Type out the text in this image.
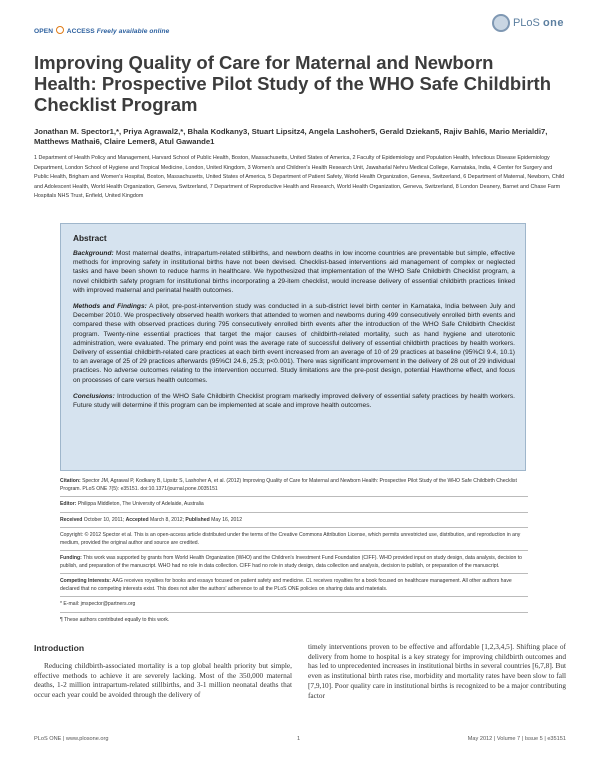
OPEN ACCESS Freely available online
PLoS one
Improving Quality of Care for Maternal and Newborn Health: Prospective Pilot Study of the WHO Safe Childbirth Checklist Program
Jonathan M. Spector1,*, Priya Agrawal2,*, Bhala Kodkany3, Stuart Lipsitz4, Angela Lashoher5, Gerald Dziekan5, Rajiv Bahl6, Mario Merialdi7, Matthews Mathai6, Claire Lemer8, Atul Gawande1
1 Department of Health Policy and Management, Harvard School of Public Health, Boston, Massachusetts, United States of America, 2 Faculty of Epidemiology and Population Health, Infectious Disease Epidemiology Department, London School of Hygiene and Tropical Medicine, London, United Kingdom, 3 Women's and Children's Health Research Unit, Jawaharlal Nehru Medical College, Karnataka, India, 4 Center for Surgery and Public Health, Brigham and Women's Hospital, Boston, Massachusetts, United States of America, 5 Department of Patient Safety, World Health Organization, Geneva, Switzerland, 6 Department of Maternal, Newborn, Child and Adolescent Health, World Health Organization, Geneva, Switzerland, 7 Department of Reproductive Health and Research, World Health Organization, Geneva, Switzerland, 8 London Deanery, Barnet and Chase Farm Hospitals NHS Trust, Enfield, United Kingdom
Abstract

Background: Most maternal deaths, intrapartum-related stillbirths, and newborn deaths in low income countries are preventable but simple, effective methods for improving safety in institutional births have not been devised. Checklist-based interventions aid management of complex or neglected tasks and have been shown to reduce harms in healthcare. We hypothesized that implementation of the WHO Safe Childbirth Checklist program, a novel childbirth safety program for institutional births incorporating a 29-item checklist, would increase delivery of essential childbirth practices linked with improved maternal and perinatal health outcomes.

Methods and Findings: A pilot, pre-post-intervention study was conducted in a sub-district level birth center in Karnataka, India between July and December 2010. We prospectively observed health workers that attended to women and newborns during 499 consecutively enrolled birth events and compared these with observed practices during 795 consecutively enrolled birth events after the introduction of the WHO Safe Childbirth Checklist program. Twenty-nine essential practices that target the major causes of childbirth-related mortality, such as hand hygiene and uterotonic administration, were evaluated. The primary end point was the average rate of successful delivery of essential childbirth practices by health workers. Delivery of essential childbirth-related care practices at each birth event increased from an average of 10 of 29 practices at baseline (95%CI 9.4, 10.1) to an average of 25 of 29 practices afterwards (95%CI 24.6, 25.3; p<0.001). There was significant improvement in the delivery of 28 out of 29 individual practices. No adverse outcomes relating to the intervention occurred. Study limitations are the pre-post design, potential Hawthorne effect, and focus on processes of care versus health outcomes.

Conclusions: Introduction of the WHO Safe Childbirth Checklist program markedly improved delivery of essential safety practices by health workers. Future study will determine if this program can be implemented at scale and improve health outcomes.

Citation: Spector JM, Agrawal P, Kodkany B, Lipsitz S, Lashoher A, et al. (2012) Improving Quality of Care for Maternal and Newborn Health: Prospective Pilot Study of the WHO Safe Childbirth Checklist Program. PLoS ONE 7(5): e35151. doi:10.1371/journal.pone.0035151

Editor: Philippa Middleton, The University of Adelaide, Australia

Received October 10, 2011; Accepted March 8, 2012; Published May 16, 2012

Copyright: © 2012 Spector et al. This is an open-access article distributed under the terms of the Creative Commons Attribution License, which permits unrestricted use, distribution, and reproduction in any medium, provided the original author and source are credited.

Funding: This work was supported by grants from World Health Organization (WHO) and the Children's Investment Fund Foundation (CIFF). WHO provided input on study design, data analysis, decision to publish, and preparation of the manuscript. WHO had no role in data collection. CIFF had no role in study design, data collection and analysis, decision to publish, or preparation of the manuscript.

Competing Interests: AAG receives royalties for books and essays focused on patient safety and medicine. CL receives royalties for a book focused on healthcare management. All other authors have declared that no competing interests exist. This does not alter the authors' adherence to all the PLoS ONE policies on sharing data and materials.

* E-mail: jmspector@partners.org

¶ These authors contributed equally to this work.

Introduction

Reducing childbirth-associated mortality is a top global health priority but simple, effective methods to achieve it are severely lacking. Most of the 350,000 maternal deaths, 1-2 million intrapartum-related stillbirths, and 3-1 million neonatal deaths that occur each year could be avoided through the delivery of

timely interventions proven to be effective and affordable [1,2,3,4,5]. Shifting place of delivery from home to hospital is a key strategy for improving childbirth outcomes and has led to unprecedented increases in institutional births in several countries [6,7,8]. But even as institutional birth rates rise, morbidity and mortality rates have been slow to fall [7,9,10]. Poor quality care in institutional births is recognized to be a major contributing factor

PLoS ONE | www.plosone.org	1	May 2012 | Volume 7 | Issue 5 | e35151
